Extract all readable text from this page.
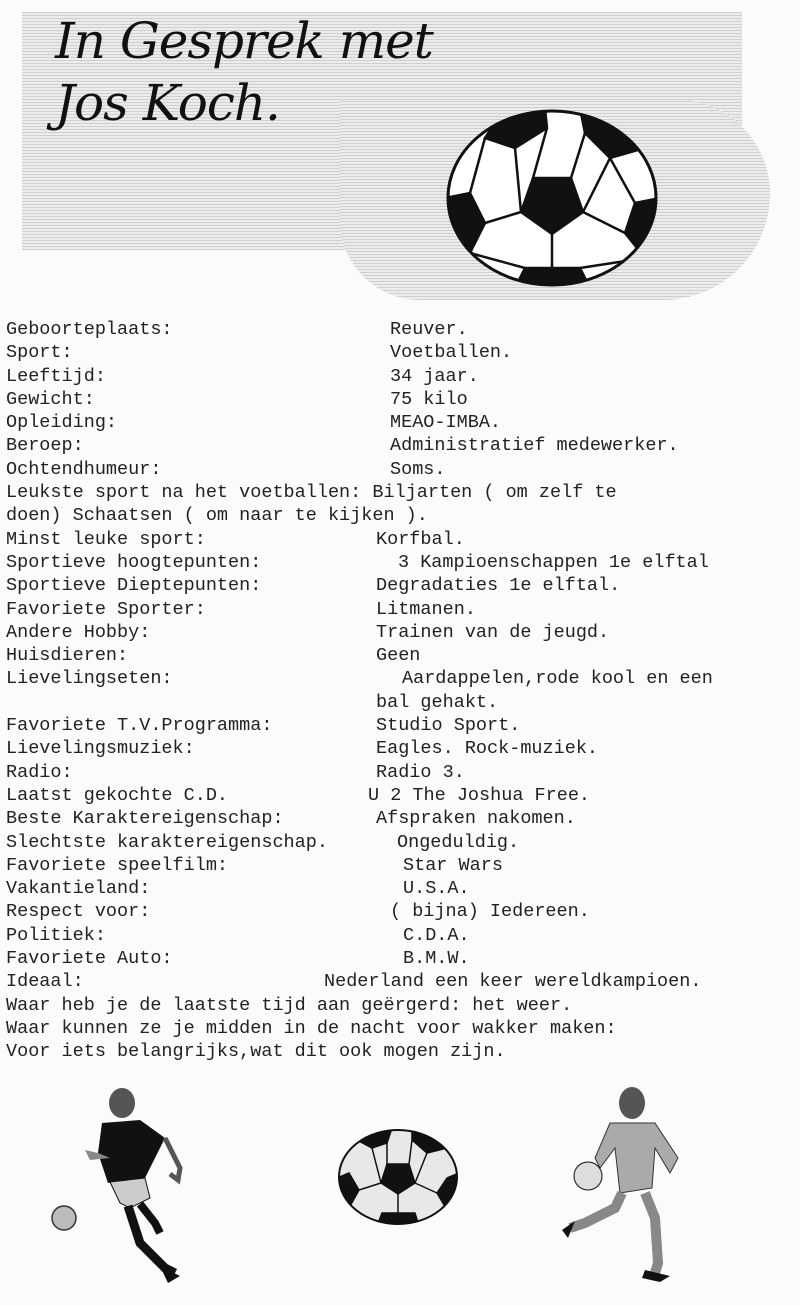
In Gesprek met
Jos Koch.
Geboorteplaats:	Reuver.
Sport:	Voetballen.
Leeftijd:	34 jaar.
Gewicht:	75 kilo
Opleiding:	MEAO-IMBA.
Beroep:	Administratief medewerker.
Ochtendhumeur:	Soms.
Leukste sport na het voetballen: Biljarten ( om zelf te
doen) Schaatsen ( om naar te kijken ).
Minst leuke sport:	Korfbal.
Sportieve hoogtepunten:	3 Kampioenschappen 1e elftal
Sportieve Dieptepunten:	Degradaties 1e elftal.
Favoriete Sporter:	Litmanen.
Andere Hobby:	Trainen van de jeugd.
Huisdieren:	Geen
Lievelingseten:	Aardappelen,rode kool en een
bal gehakt.
Favoriete T.V.Programma:	Studio Sport.
Lievelingsmuziek:	Eagles. Rock-muziek.
Radio:	Radio 3.
Laatst gekochte C.D.	U 2 The Joshua Free.
Beste Karaktereigenschap:	Afspraken nakomen.
Slechtste karaktereigenschap.	Ongeduldig.
Favoriete speelfilm:	Star Wars
Vakantieland:	U.S.A.
Respect voor:	( bijna) Iedereen.
Politiek:	C.D.A.
Favoriete Auto:	B.M.W.
Ideaal:	Nederland een keer wereldkampioen.
Waar heb je de laatste tijd aan geërgerd: het weer.
Waar kunnen ze je midden in de nacht voor wakker maken:
Voor iets belangrijks,wat dit ook mogen zijn.
